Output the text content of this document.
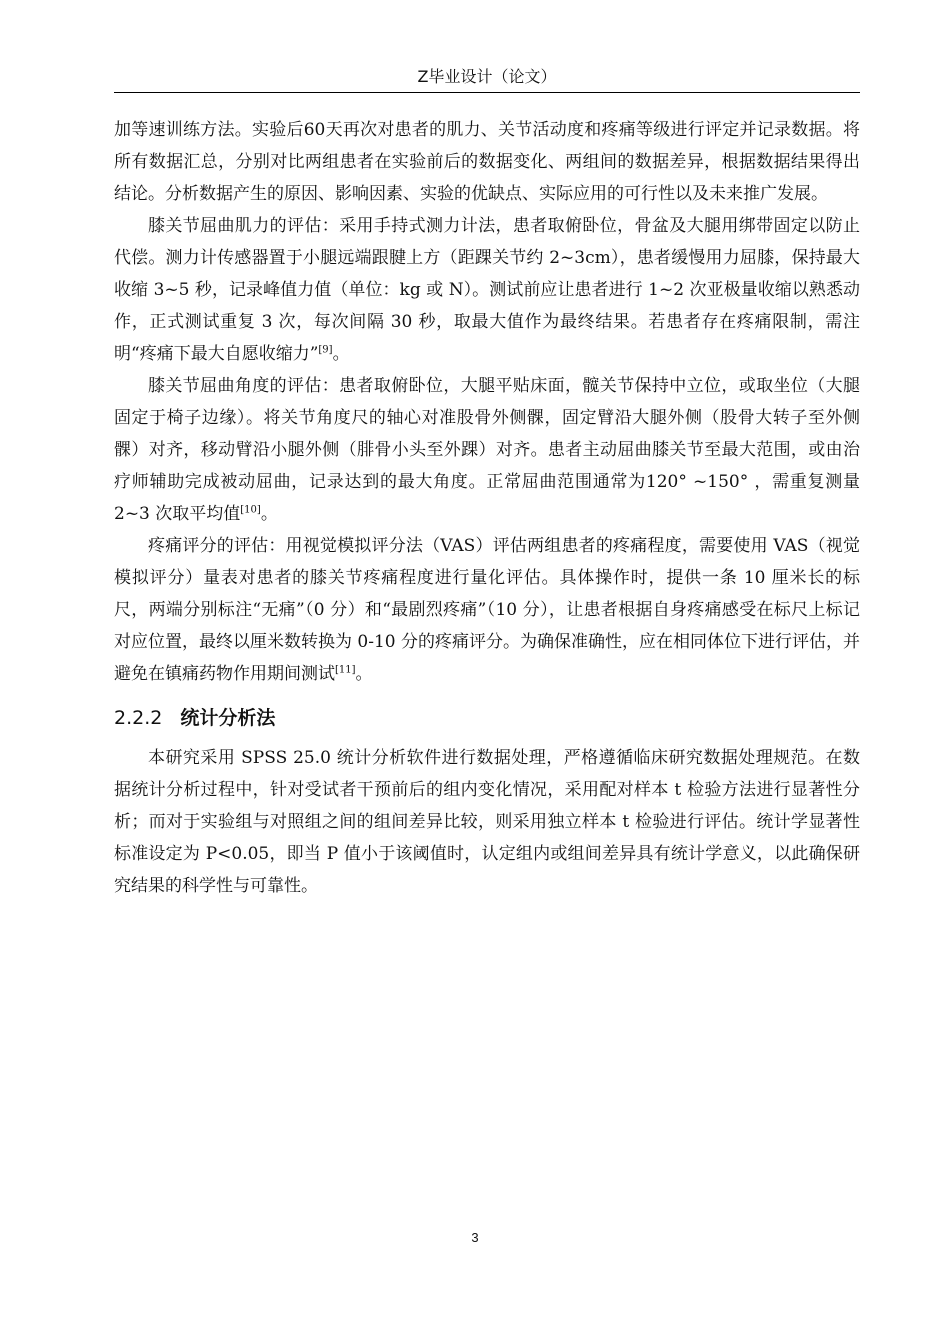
Z毕业设计（论文）

加等速训练方法。实验后60天再次对患者的肌力、关节活动度和疼痛等级进行评定并记录数据。将所有数据汇总，分别对比两组患者在实验前后的数据变化、两组间的数据差异，根据数据结果得出结论。分析数据产生的原因、影响因素、实验的优缺点、实际应用的可行性以及未来推广发展。

膝关节屈曲肌力的评估：采用手持式测力计法，患者取俯卧位，骨盆及大腿用绑带固定以防止代偿。测力计传感器置于小腿远端跟腱上方（距踝关节约 2~3cm），患者缓慢用力屈膝，保持最大收缩 3~5 秒，记录峰值力值（单位：kg 或 N）。测试前应让患者进行 1~2 次亚极量收缩以熟悉动作，正式测试重复 3 次，每次间隔 30 秒，取最大值作为最终结果。若患者存在疼痛限制，需注明“疼痛下最大自愿收缩力”[9]。

膝关节屈曲角度的评估：患者取俯卧位，大腿平贴床面，髋关节保持中立位，或取坐位（大腿固定于椅子边缘）。将关节角度尺的轴心对准股骨外侧髁，固定臂沿大腿外侧（股骨大转子至外侧髁）对齐，移动臂沿小腿外侧（腓骨小头至外踝）对齐。患者主动屈曲膝关节至最大范围，或由治疗师辅助完成被动屈曲，记录达到的最大角度。正常屈曲范围通常为120° ~150° ，需重复测量 2~3 次取平均值[10]。

疼痛评分的评估：用视觉模拟评分法（VAS）评估两组患者的疼痛程度，需要使用 VAS（视觉模拟评分）量表对患者的膝关节疼痛程度进行量化评估。具体操作时，提供一条 10 厘米长的标尺，两端分别标注“无痛”（0 分）和“最剧烈疼痛”（10 分），让患者根据自身疼痛感受在标尺上标记对应位置，最终以厘米数转换为 0-10 分的疼痛评分。为确保准确性，应在相同体位下进行评估，并避免在镇痛药物作用期间测试[11]。

2.2.2 统计分析法

本研究采用 SPSS 25.0 统计分析软件进行数据处理，严格遵循临床研究数据处理规范。在数据统计分析过程中，针对受试者干预前后的组内变化情况，采用配对样本 t 检验方法进行显著性分析；而对于实验组与对照组之间的组间差异比较，则采用独立样本 t 检验进行评估。统计学显著性标准设定为 P<0.05，即当 P 值小于该阈值时，认定组内或组间差异具有统计学意义，以此确保研究结果的科学性与可靠性。

3
